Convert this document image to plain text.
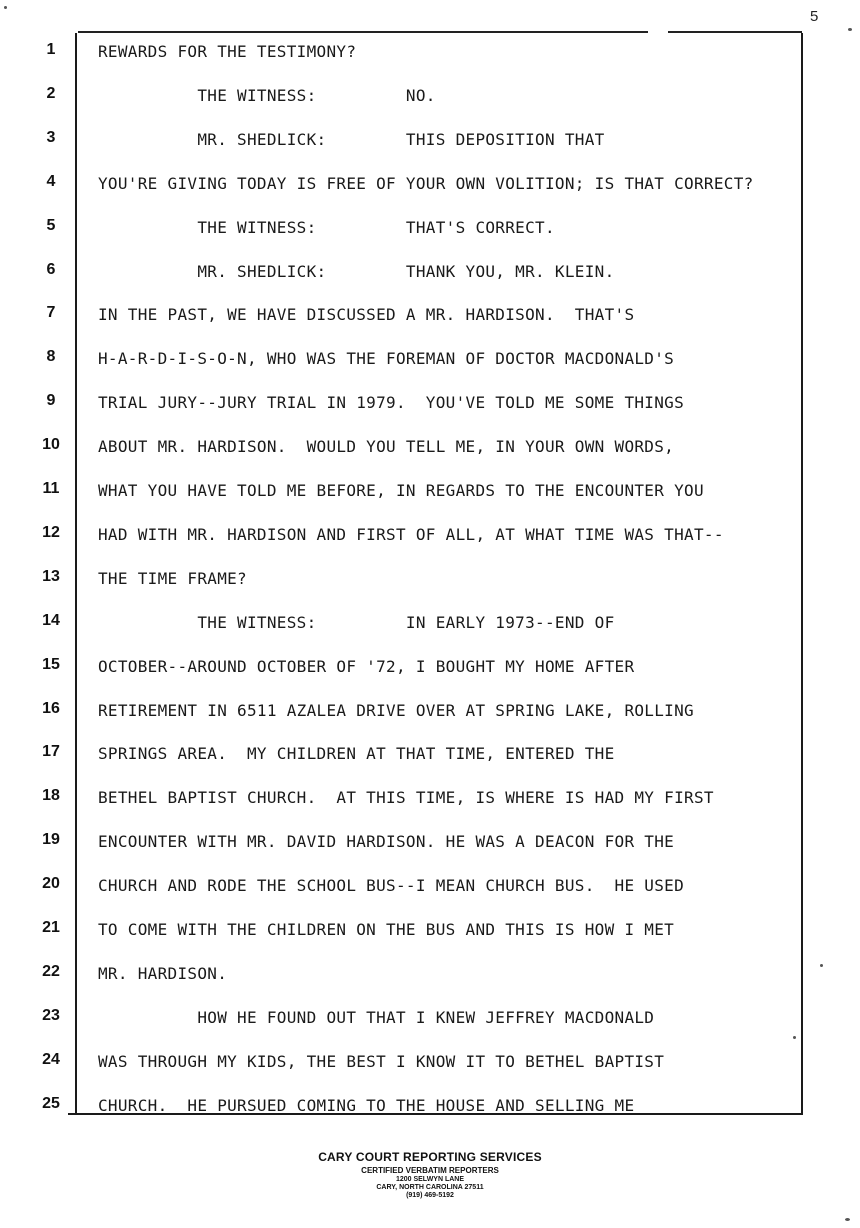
5
1	REWARDS FOR THE TESTIMONY?
2	THE WITNESS:         NO.
3	MR. SHEDLICK:        THIS DEPOSITION THAT
4	YOU'RE GIVING TODAY IS FREE OF YOUR OWN VOLITION; IS THAT CORRECT?
5	THE WITNESS:         THAT'S CORRECT.
6	MR. SHEDLICK:        THANK YOU, MR. KLEIN.
7	IN THE PAST, WE HAVE DISCUSSED A MR. HARDISON.  THAT'S
8	H-A-R-D-I-S-O-N, WHO WAS THE FOREMAN OF DOCTOR MACDONALD'S
9	TRIAL JURY--JURY TRIAL IN 1979.  YOU'VE TOLD ME SOME THINGS
10	ABOUT MR. HARDISON.  WOULD YOU TELL ME, IN YOUR OWN WORDS,
11	WHAT YOU HAVE TOLD ME BEFORE, IN REGARDS TO THE ENCOUNTER YOU
12	HAD WITH MR. HARDISON AND FIRST OF ALL, AT WHAT TIME WAS THAT--
13	THE TIME FRAME?
14	THE WITNESS:         IN EARLY 1973--END OF
15	OCTOBER--AROUND OCTOBER OF '72, I BOUGHT MY HOME AFTER
16	RETIREMENT IN 6511 AZALEA DRIVE OVER AT SPRING LAKE, ROLLING
17	SPRINGS AREA.  MY CHILDREN AT THAT TIME, ENTERED THE
18	BETHEL BAPTIST CHURCH.  AT THIS TIME, IS WHERE IS HAD MY FIRST
19	ENCOUNTER WITH MR. DAVID HARDISON. HE WAS A DEACON FOR THE
20	CHURCH AND RODE THE SCHOOL BUS--I MEAN CHURCH BUS.  HE USED
21	TO COME WITH THE CHILDREN ON THE BUS AND THIS IS HOW I MET
22	MR. HARDISON.
23	HOW HE FOUND OUT THAT I KNEW JEFFREY MACDONALD
24	WAS THROUGH MY KIDS, THE BEST I KNOW IT TO BETHEL BAPTIST
25	CHURCH.  HE PURSUED COMING TO THE HOUSE AND SELLING ME
CARY COURT REPORTING SERVICES
CERTIFIED VERBATIM REPORTERS
1200 SELWYN LANE
CARY, NORTH CAROLINA 27511
(919) 469-5192
